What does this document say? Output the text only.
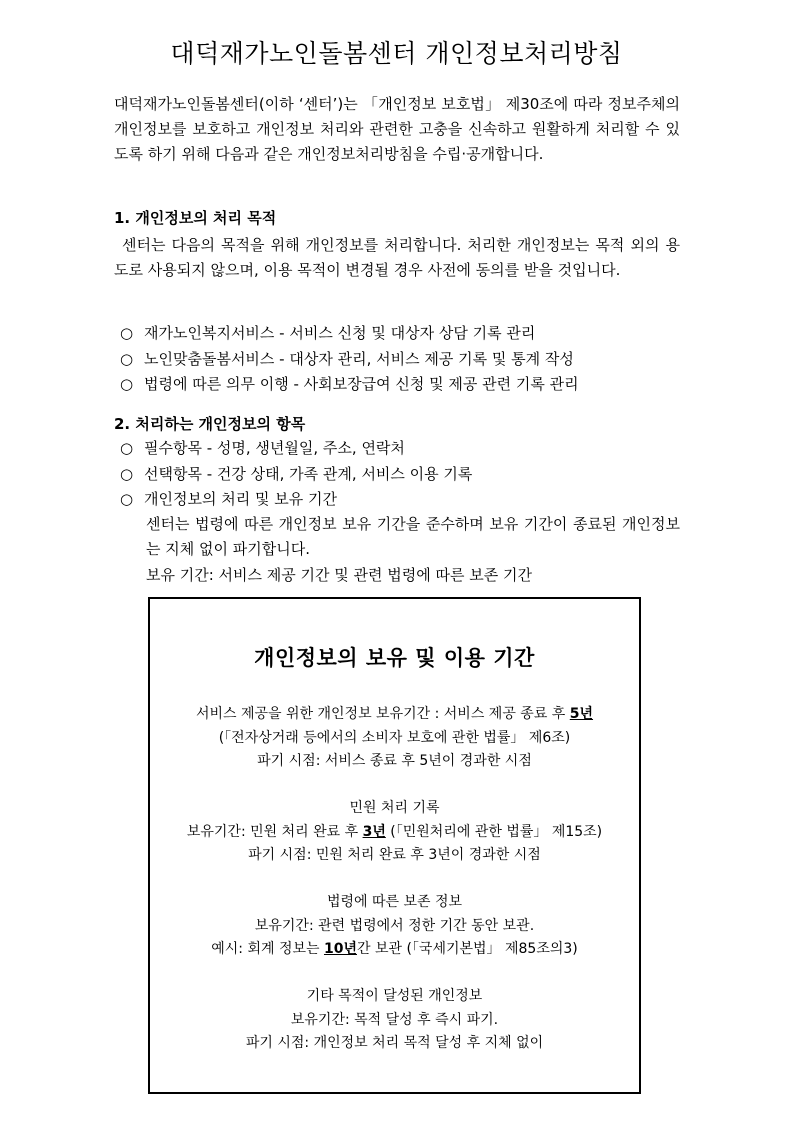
대덕재가노인돌봄센터 개인정보처리방침

대덕재가노인돌봄센터(이하 ‘센터’)는 「개인정보 보호법」 제30조에 따라 정보주체의 개인정보를 보호하고 개인정보 처리와 관련한 고충을 신속하고 원활하게 처리할 수 있도록 하기 위해 다음과 같은 개인정보처리방침을 수립·공개합니다.

1. 개인정보의 처리 목적

센터는 다음의 목적을 위해 개인정보를 처리합니다. 처리한 개인정보는 목적 외의 용도로 사용되지 않으며, 이용 목적이 변경될 경우 사전에 동의를 받을 것입니다.

○ 재가노인복지서비스 - 서비스 신청 및 대상자 상담 기록 관리
○ 노인맞춤돌봄서비스 - 대상자 관리, 서비스 제공 기록 및 통계 작성
○ 법령에 따른 의무 이행 - 사회보장급여 신청 및 제공 관련 기록 관리
2. 처리하는 개인정보의 항목
○ 필수항목 - 성명, 생년월일, 주소, 연락처
○ 선택항목 - 건강 상태, 가족 관계, 서비스 이용 기록
○ 개인정보의 처리 및 보유 기간

센터는 법령에 따른 개인정보 보유 기간을 준수하며 보유 기간이 종료된 개인정보는 지체 없이 파기합니다.

보유 기간: 서비스 제공 기간 및 관련 법령에 따른 보존 기간

개인정보의 보유 및 이용 기간
서비스 제공을 위한 개인정보 보유기간 : 서비스 제공 종료 후 5년
(「전자상거래 등에서의 소비자 보호에 관한 법률」 제6조)
파기 시점: 서비스 종료 후 5년이 경과한 시점
민원 처리 기록
보유기간: 민원 처리 완료 후 3년 (「민원처리에 관한 법률」 제15조)
파기 시점: 민원 처리 완료 후 3년이 경과한 시점
법령에 따른 보존 정보
보유기간: 관련 법령에서 정한 기간 동안 보관.
예시: 회계 정보는 10년간 보관 (「국세기본법」 제85조의3)
기타 목적이 달성된 개인정보
보유기간: 목적 달성 후 즉시 파기.
파기 시점: 개인정보 처리 목적 달성 후 지체 없이
